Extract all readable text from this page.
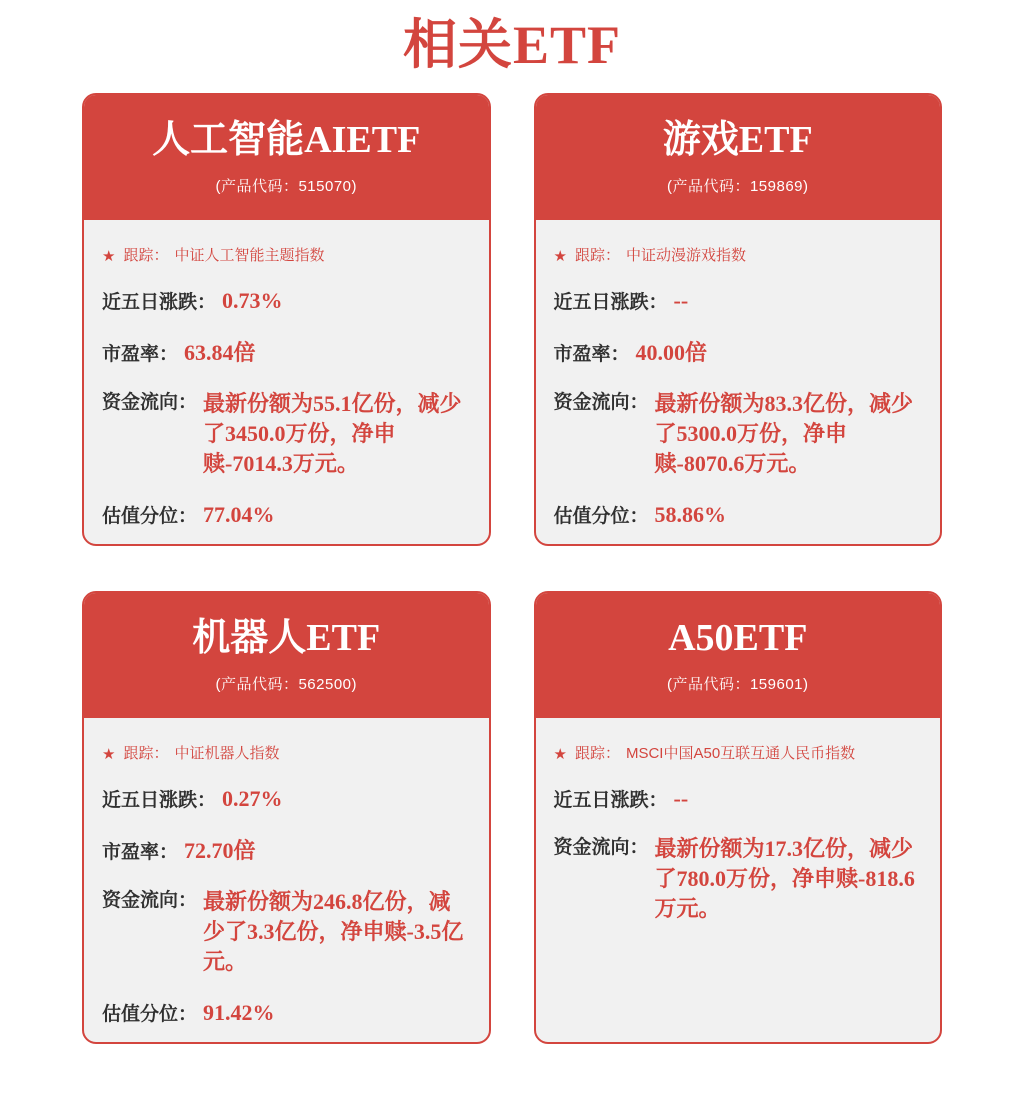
相关ETF
人工智能AIETF
(产品代码：515070)
★ 跟踪： 中证人工智能主题指数
近五日涨跌： 0.73%
市盈率： 63.84倍
资金流向： 最新份额为55.1亿份，减少了3450.0万份，净申赎-7014.3万元。
估值分位： 77.04%
游戏ETF
(产品代码：159869)
★ 跟踪： 中证动漫游戏指数
近五日涨跌： --
市盈率： 40.00倍
资金流向： 最新份额为83.3亿份，减少了5300.0万份，净申赎-8070.6万元。
估值分位： 58.86%
机器人ETF
(产品代码：562500)
★ 跟踪： 中证机器人指数
近五日涨跌： 0.27%
市盈率： 72.70倍
资金流向： 最新份额为246.8亿份，减少了3.3亿份，净申赎-3.5亿元。
估值分位： 91.42%
A50ETF
(产品代码：159601)
★ 跟踪： MSCI中国A50互联互通人民币指数
近五日涨跌： --
资金流向： 最新份额为17.3亿份，减少了780.0万份，净申赎-818.6万元。
